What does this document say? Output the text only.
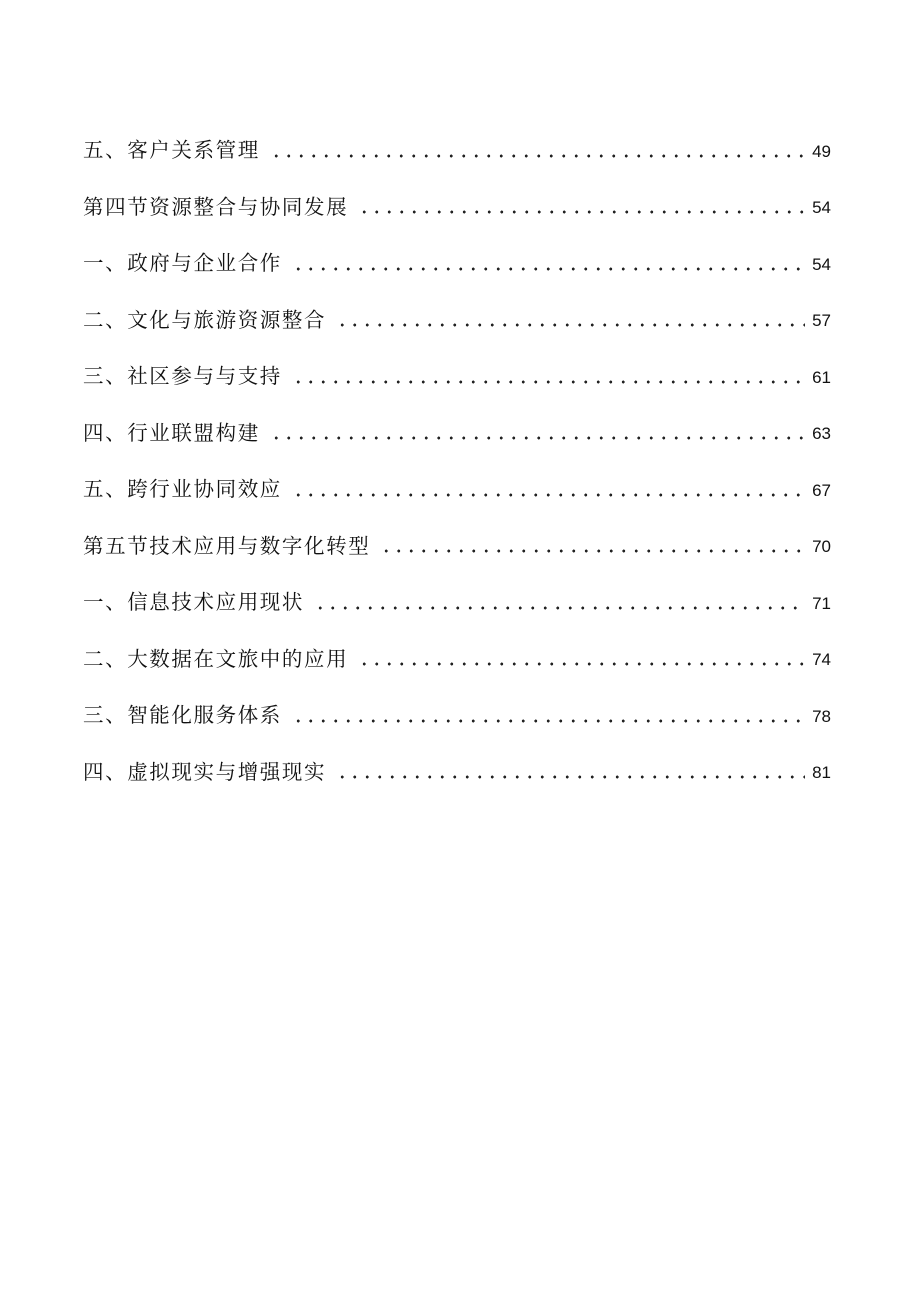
五、客户关系管理	49
第四节资源整合与协同发展	54
一、政府与企业合作	54
二、文化与旅游资源整合	57
三、社区参与与支持	61
四、行业联盟构建	63
五、跨行业协同效应	67
第五节技术应用与数字化转型	70
一、信息技术应用现状	71
二、大数据在文旅中的应用	74
三、智能化服务体系	78
四、虚拟现实与增强现实	81
